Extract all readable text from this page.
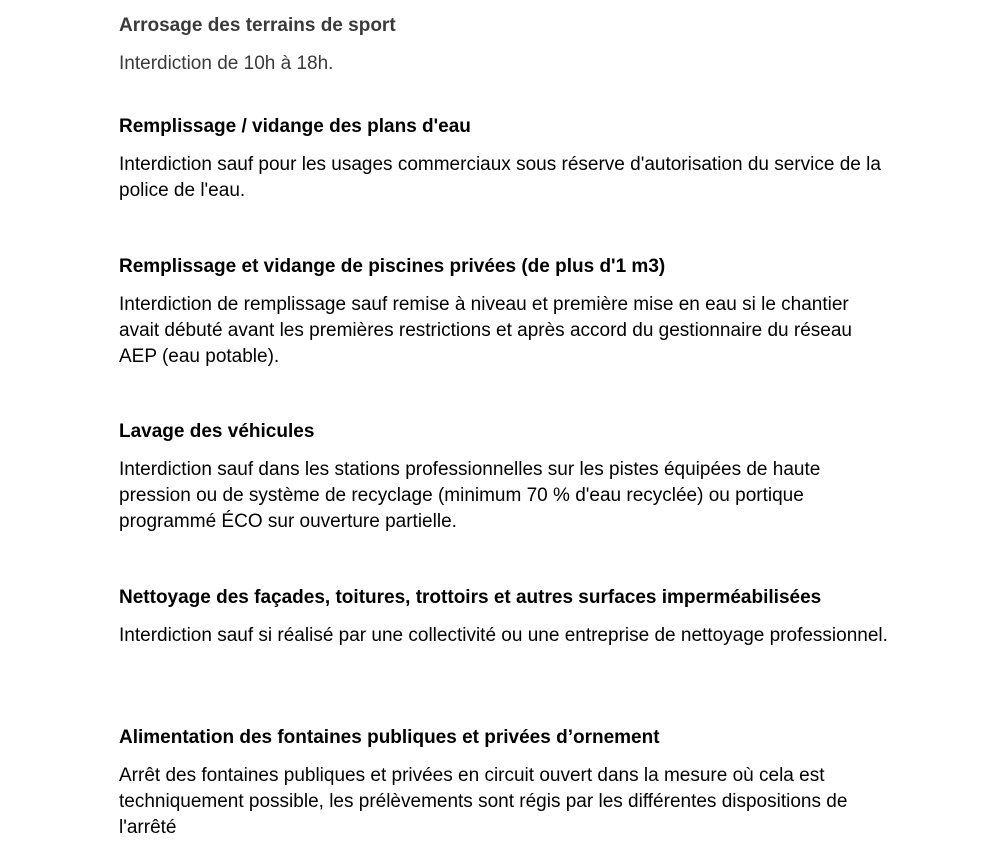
Arrosage des terrains de sport

Interdiction de 10h à 18h.

Remplissage / vidange des plans d'eau

Interdiction sauf pour les usages commerciaux sous réserve d'autorisation du service de la police de l'eau.

Remplissage et vidange de piscines privées (de plus d'1 m3)

Interdiction de remplissage sauf remise à niveau et première mise en eau si le chantier avait débuté avant les premières restrictions et après accord du gestionnaire du réseau AEP (eau potable).

Lavage des véhicules

Interdiction sauf dans les stations professionnelles sur les pistes équipées de haute pression ou de système de recyclage (minimum 70 % d'eau recyclée) ou portique programmé ÉCO sur ouverture partielle.

Nettoyage des façades, toitures, trottoirs et autres surfaces imperméabilisées

Interdiction sauf si réalisé par une collectivité ou une entreprise de nettoyage professionnel.

Alimentation des fontaines publiques et privées d’ornement

Arrêt des fontaines publiques et privées en circuit ouvert dans la mesure où cela est techniquement possible, les prélèvements sont régis par les différentes dispositions de l'arrêté
